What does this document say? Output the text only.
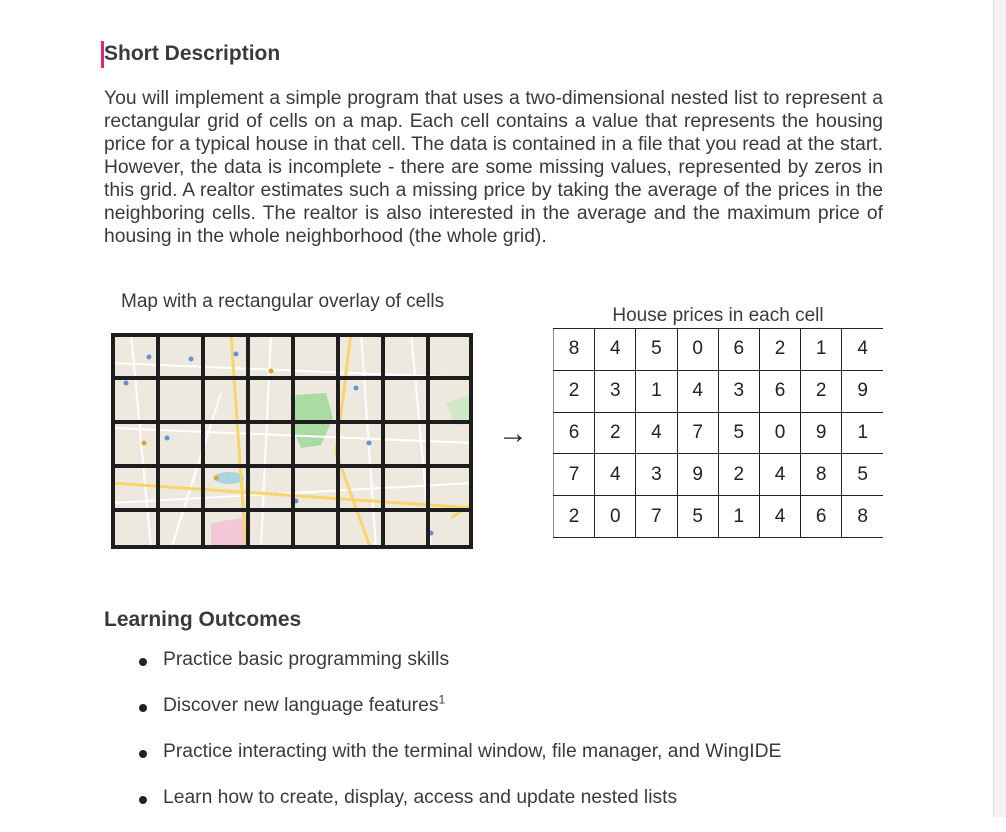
Short Description

You will implement a simple program that uses a two-dimensional nested list to represent a rectangular grid of cells on a map. Each cell contains a value that represents the housing price for a typical house in that cell. The data is contained in a file that you read at the start. However, the data is incomplete - there are some missing values, represented by zeros in this grid. A realtor estimates such a missing price by taking the average of the prices in the neighboring cells. The realtor is also interested in the average and the maximum price of housing in the whole neighborhood (the whole grid).

Map with a rectangular overlay of cells
→
House prices in each cell
8	4	5	0	6	2	1	4
2	3	1	4	3	6	2	9
6	2	4	7	5	0	9	1
7	4	3	9	2	4	8	5
2	0	7	5	1	4	6	8
Learning Outcomes
Practice basic programming skills
Discover new language features$^1$
Practice interacting with the terminal window, file manager, and WingIDE
Learn how to create, display, access and update nested lists
